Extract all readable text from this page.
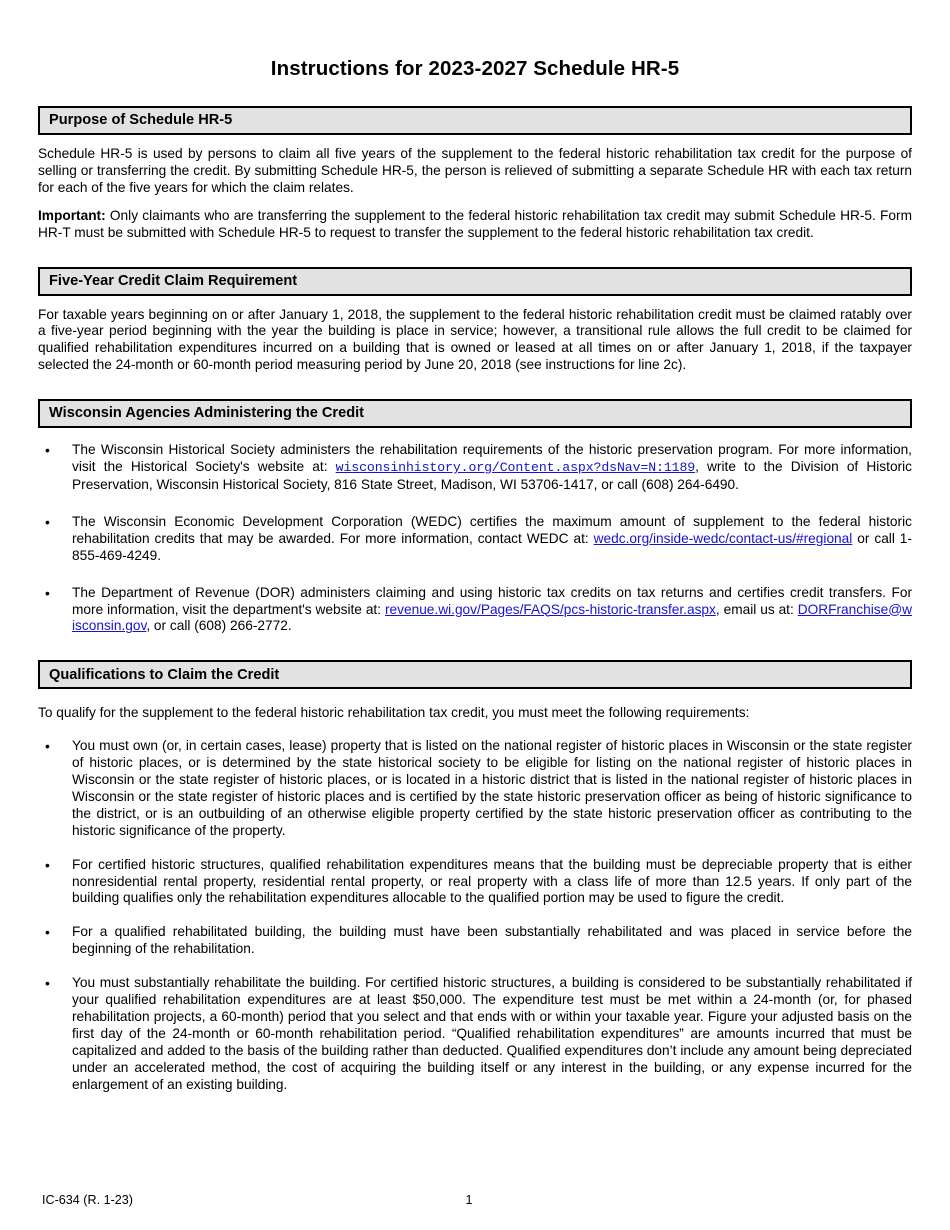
Instructions for 2023-2027 Schedule HR-5
Purpose of Schedule HR-5

Schedule HR-5 is used by persons to claim all five years of the supplement to the federal historic rehabilitation tax credit for the purpose of selling or transferring the credit. By submitting Schedule HR-5, the person is relieved of submitting a separate Schedule HR with each tax return for each of the five years for which the claim relates.

Important: Only claimants who are transferring the supplement to the federal historic rehabilitation tax credit may submit Schedule HR-5. Form HR-T must be submitted with Schedule HR-5 to request to transfer the supplement to the federal historic rehabilitation tax credit.

Five-Year Credit Claim Requirement

For taxable years beginning on or after January 1, 2018, the supplement to the federal historic rehabilitation credit must be claimed ratably over a five-year period beginning with the year the building is place in service; however, a transitional rule allows the full credit to be claimed for qualified rehabilitation expenditures incurred on a building that is owned or leased at all times on or after January 1, 2018, if the taxpayer selected the 24-month or 60-month period measuring period by June 20, 2018 (see instructions for line 2c).

Wisconsin Agencies Administering the Credit
• The Wisconsin Historical Society administers the rehabilitation requirements of the historic preservation program. For more information, visit the Historical Society's website at: wisconsinhistory.org/Content.aspx?dsNav=N:1189, write to the Division of Historic Preservation, Wisconsin Historical Society, 816 State Street, Madison, WI 53706-1417, or call (608) 264-6490.
• The Wisconsin Economic Development Corporation (WEDC) certifies the maximum amount of supplement to the federal historic rehabilitation credits that may be awarded. For more information, contact WEDC at: wedc.org/inside-wedc/contact-us/#regional or call 1-855-469-4249.
• The Department of Revenue (DOR) administers claiming and using historic tax credits on tax returns and certifies credit transfers. For more information, visit the department's website at: revenue.wi.gov/Pages/FAQS/pcs-historic-transfer.aspx, email us at: DORFranchise@wisconsin.gov, or call (608) 266-2772.
Qualifications to Claim the Credit

To qualify for the supplement to the federal historic rehabilitation tax credit, you must meet the following requirements:

• You must own (or, in certain cases, lease) property that is listed on the national register of historic places in Wisconsin or the state register of historic places, or is determined by the state historical society to be eligible for listing on the national register of historic places in Wisconsin or the state register of historic places, or is located in a historic district that is listed in the national register of historic places in Wisconsin or the state register of historic places and is certified by the state historic preservation officer as being of historic significance to the district, or is an outbuilding of an otherwise eligible property certified by the state historic preservation officer as contributing to the historic significance of the property.
• For certified historic structures, qualified rehabilitation expenditures means that the building must be depreciable property that is either nonresidential rental property, residential rental property, or real property with a class life of more than 12.5 years. If only part of the building qualifies only the rehabilitation expenditures allocable to the qualified portion may be used to figure the credit.
• For a qualified rehabilitated building, the building must have been substantially rehabilitated and was placed in service before the beginning of the rehabilitation.
• You must substantially rehabilitate the building. For certified historic structures, a building is considered to be substantially rehabilitated if your qualified rehabilitation expenditures are at least $50,000. The expenditure test must be met within a 24-month (or, for phased rehabilitation projects, a 60-month) period that you select and that ends with or within your taxable year. Figure your adjusted basis on the first day of the 24-month or 60-month rehabilitation period. “Qualified rehabilitation expenditures” are amounts incurred that must be capitalized and added to the basis of the building rather than deducted. Qualified expenditures don’t include any amount being depreciated under an accelerated method, the cost of acquiring the building itself or any interest in the building, or any expense incurred for the enlargement of an existing building.
IC-634 (R. 1-23)	1
